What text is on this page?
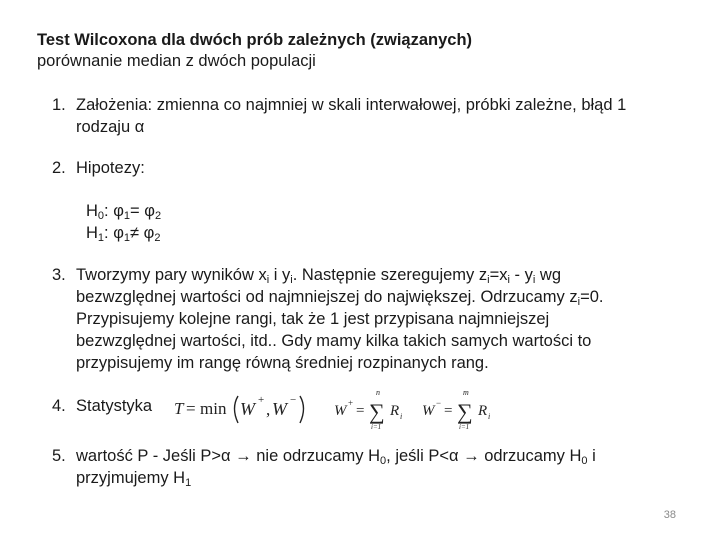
Test Wilcoxona dla dwóch prób zależnych (związanych)
porównanie median z dwóch populacji
1. Założenia: zmienna co najmniej w skali interwałowej, próbki zależne, błąd 1 rodzaju α
2. Hipotezy:
$H_0$: $\varphi_1= \varphi_2$
$H_1$: $\varphi_1\ne \varphi_2$
3. Tworzymy pary wyników $x_i$ i $y_i$. Następnie szeregujemy $z_i=x_i - y_i$ wg bezwzględnej wartości od najmniejszej do największej. Odrzucamy $z_i=0$. Przypisujemy kolejne rangi, tak że 1 jest przypisana najmniejszej bezwzględnej wartości, itd.. Gdy mamy kilka takich samych wartości to przypisujemy im rangę równą średniej rozpinanych rang.
4. Statystyka T = min W + , W −
W + =
n
∑
i=1
R i W − =
m
∑
i=1
R i
5. wartość P - Jeśli P>α → nie odrzucamy $H_0$, jeśli P<α → odrzucamy $H_0$ i przyjmujemy $H_1$
38
